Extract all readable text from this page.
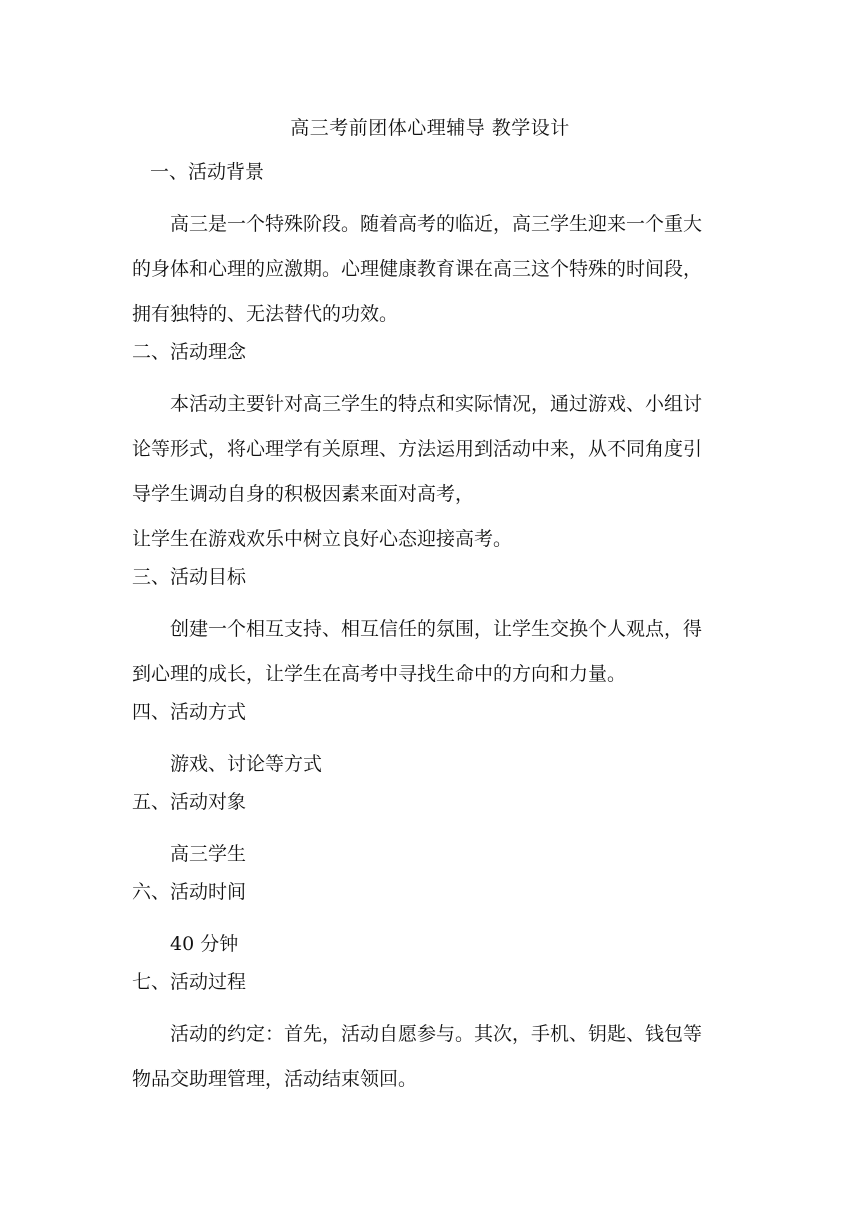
高三考前团体心理辅导 教学设计
一、活动背景
高三是一个特殊阶段。随着高考的临近，高三学生迎来一个重大
的身体和心理的应激期。心理健康教育课在高三这个特殊的时间段，
拥有独特的、无法替代的功效。
二、活动理念
本活动主要针对高三学生的特点和实际情况，通过游戏、小组讨
论等形式，将心理学有关原理、方法运用到活动中来，从不同角度引
导学生调动自身的积极因素来面对高考，
让学生在游戏欢乐中树立良好心态迎接高考。
三、活动目标
创建一个相互支持、相互信任的氛围，让学生交换个人观点，得
到心理的成长，让学生在高考中寻找生命中的方向和力量。
四、活动方式
游戏、讨论等方式
五、活动对象
高三学生
六、活动时间
40 分钟
七、活动过程
活动的约定：首先，活动自愿参与。其次，手机、钥匙、钱包等
物品交助理管理，活动结束领回。
